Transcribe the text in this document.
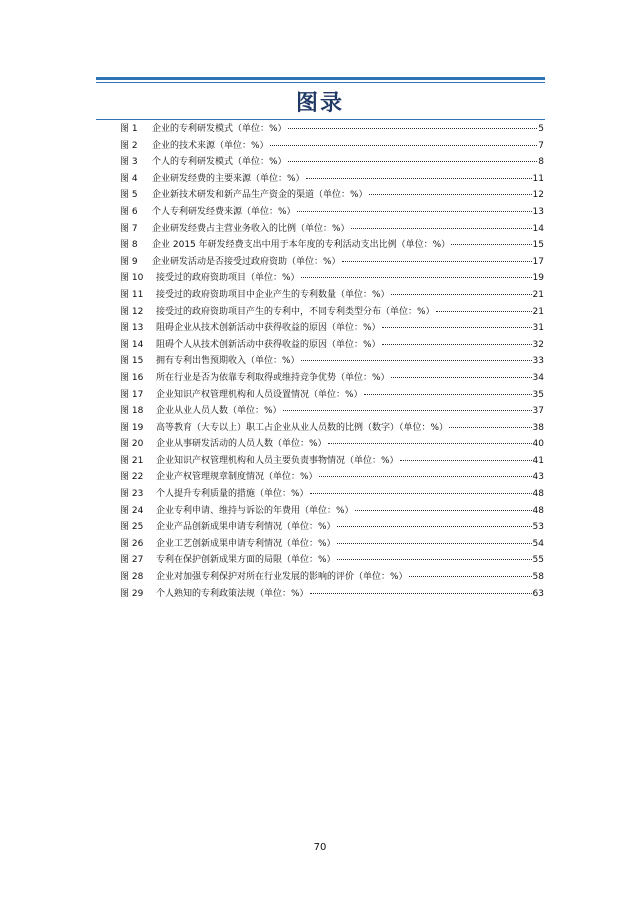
图录
图 1	企业的专利研发模式（单位：%）	5
图 2	企业的技术来源（单位：%）	7
图 3	个人的专利研发模式（单位：%）	8
图 4	企业研发经费的主要来源（单位：%）	11
图 5	企业新技术研发和新产品生产资金的渠道（单位：%）	12
图 6	个人专利研发经费来源（单位：%）	13
图 7	企业研发经费占主营业务收入的比例（单位：%）	14
图 8	企业 2015 年研发经费支出中用于本年度的专利活动支出比例（单位：%）	15
图 9	企业研发活动是否接受过政府资助（单位：%）	17
图 10	接受过的政府资助项目（单位：%）	19
图 11	接受过的政府资助项目中企业产生的专利数量（单位：%）	21
图 12	接受过的政府资助项目产生的专利中，不同专利类型分布（单位：%）	21
图 13	阻碍企业从技术创新活动中获得收益的原因（单位：%）	31
图 14	阻碍个人从技术创新活动中获得收益的原因（单位：%）	32
图 15	拥有专利出售预期收入（单位：%）	33
图 16	所在行业是否为依靠专利取得或维持竞争优势（单位：%）	34
图 17	企业知识产权管理机构和人员设置情况（单位：%）	35
图 18	企业从业人员人数（单位：%）	37
图 19	高等教育（大专以上）职工占企业从业人员数的比例（数字）（单位：%）	38
图 20	企业从事研发活动的人员人数（单位：%）	40
图 21	企业知识产权管理机构和人员主要负责事物情况（单位：%）	41
图 22	企业产权管理规章制度情况（单位：%）	43
图 23	个人提升专利质量的措施（单位：%）	48
图 24	企业专利申请、维持与诉讼的年费用（单位：%）	48
图 25	企业产品创新成果申请专利情况（单位：%）	53
图 26	企业工艺创新成果申请专利情况（单位：%）	54
图 27	专利在保护创新成果方面的局限（单位：%）	55
图 28	企业对加强专利保护对所在行业发展的影响的评价（单位：%）	58
图 29	个人熟知的专利政策法规（单位：%）	63
70
